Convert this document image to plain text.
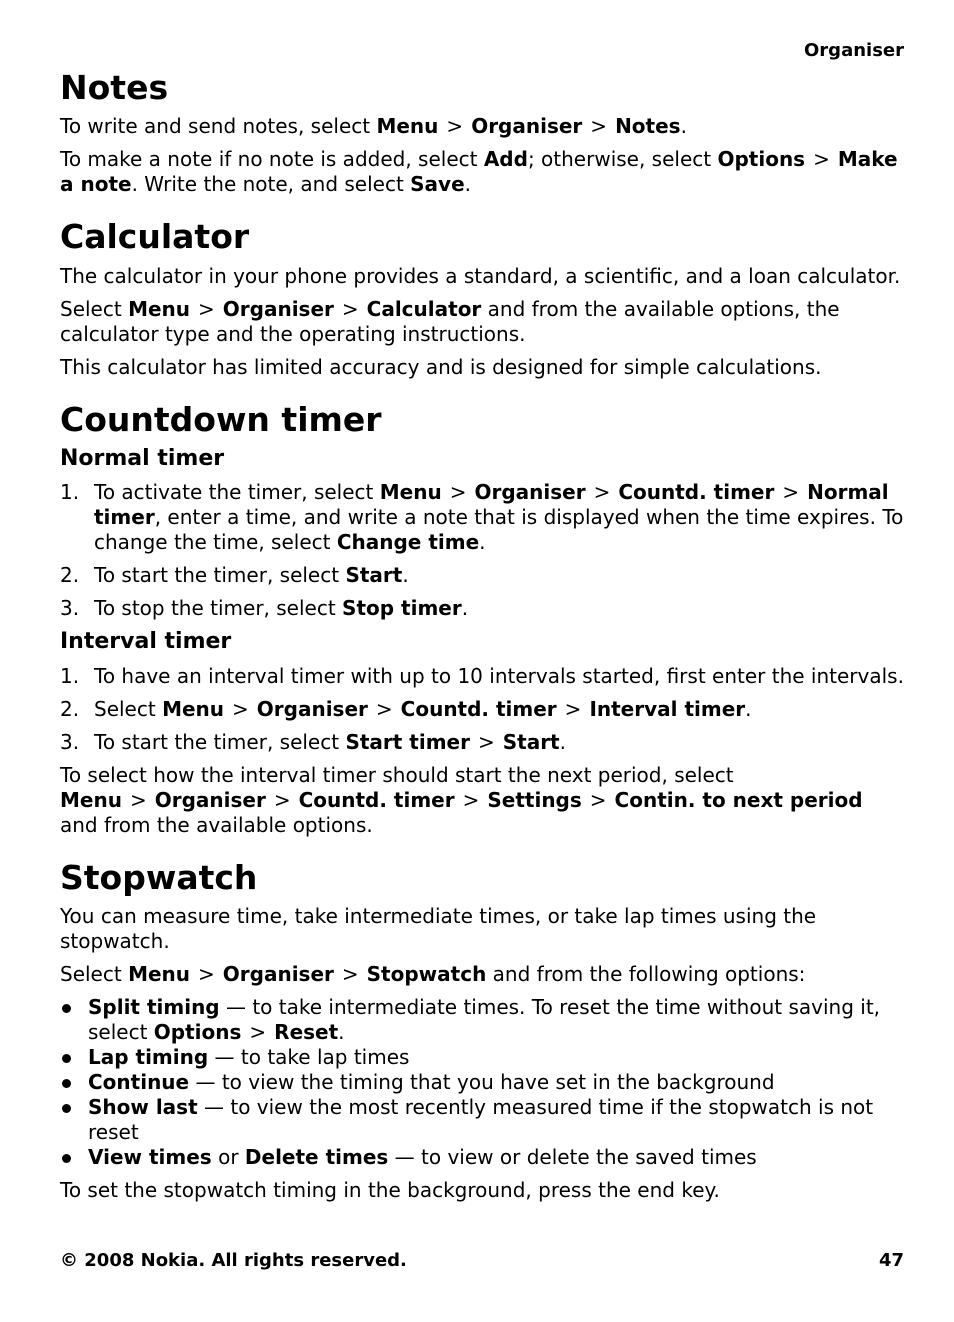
Organiser
Notes

To write and send notes, select Menu > Organiser > Notes.

To make a note if no note is added, select Add; otherwise, select Options > Make a note. Write the note, and select Save.

Calculator

The calculator in your phone provides a standard, a scientific, and a loan calculator.

Select Menu > Organiser > Calculator and from the available options, the calculator type and the operating instructions.

This calculator has limited accuracy and is designed for simple calculations.

Countdown timer
Normal timer
1. To activate the timer, select Menu > Organiser > Countd. timer > Normal timer, enter a time, and write a note that is displayed when the time expires. To change the time, select Change time.
2. To start the timer, select Start.
3. To stop the timer, select Stop timer.
Interval timer
1. To have an interval timer with up to 10 intervals started, first enter the intervals.
2. Select Menu > Organiser > Countd. timer > Interval timer.
3. To start the timer, select Start timer > Start.

To select how the interval timer should start the next period, select Menu > Organiser > Countd. timer > Settings > Contin. to next period and from the available options.

Stopwatch

You can measure time, take intermediate times, or take lap times using the stopwatch.

Select Menu > Organiser > Stopwatch and from the following options:

Split timing — to take intermediate times. To reset the time without saving it, select Options > Reset.
Lap timing — to take lap times
Continue — to view the timing that you have set in the background
Show last — to view the most recently measured time if the stopwatch is not reset
View times or Delete times — to view or delete the saved times

To set the stopwatch timing in the background, press the end key.

© 2008 Nokia. All rights reserved.	47
